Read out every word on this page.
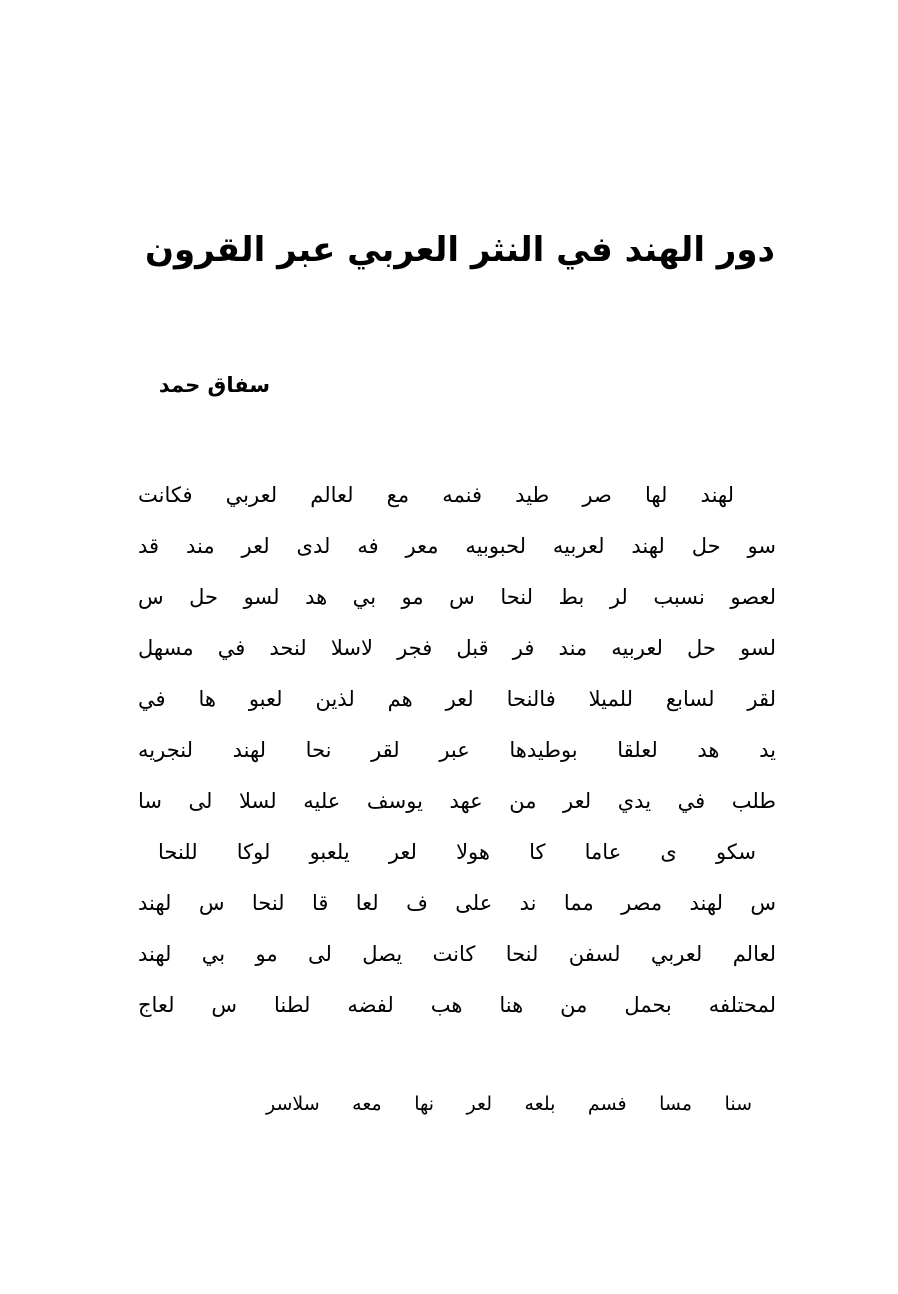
دور الهند في النثر العربي عبر القرون
سفاق حمد
لهند لها صر طيد فنمه مع لعالم لعربي فكانت
سو حل لهند لعربيه لحبوبيه معر فه لدى لعر مند قد
لعصو نسبب لر بط لنحا س مو بي هد لسو حل س
لسو حل لعربيه مند فر قبل فجر لاسلا لنحد في مسهل
لقر لسابع للميلا فالنحا لعر هم لذين لعبو ها في
يد هد لعلقا بوطيدها عبر لقر نحا لهند لنجريه
طلب في يدي لعر من عهد يوسف عليه لسلا لى سا
سكو ى عاما كا هولا لعر يلعبو لوكا للنحا
س لهند مصر مما ند على ف لعا قا لنحا س لهند
لعالم لعربي لسفن لنحا كانت يصل لى مو بي لهند
لمحتلفه بحمل من هنا هب لفضه لطنا س لعاج
سنا مسا فسم بلعه لعر نها معه سلاسر
